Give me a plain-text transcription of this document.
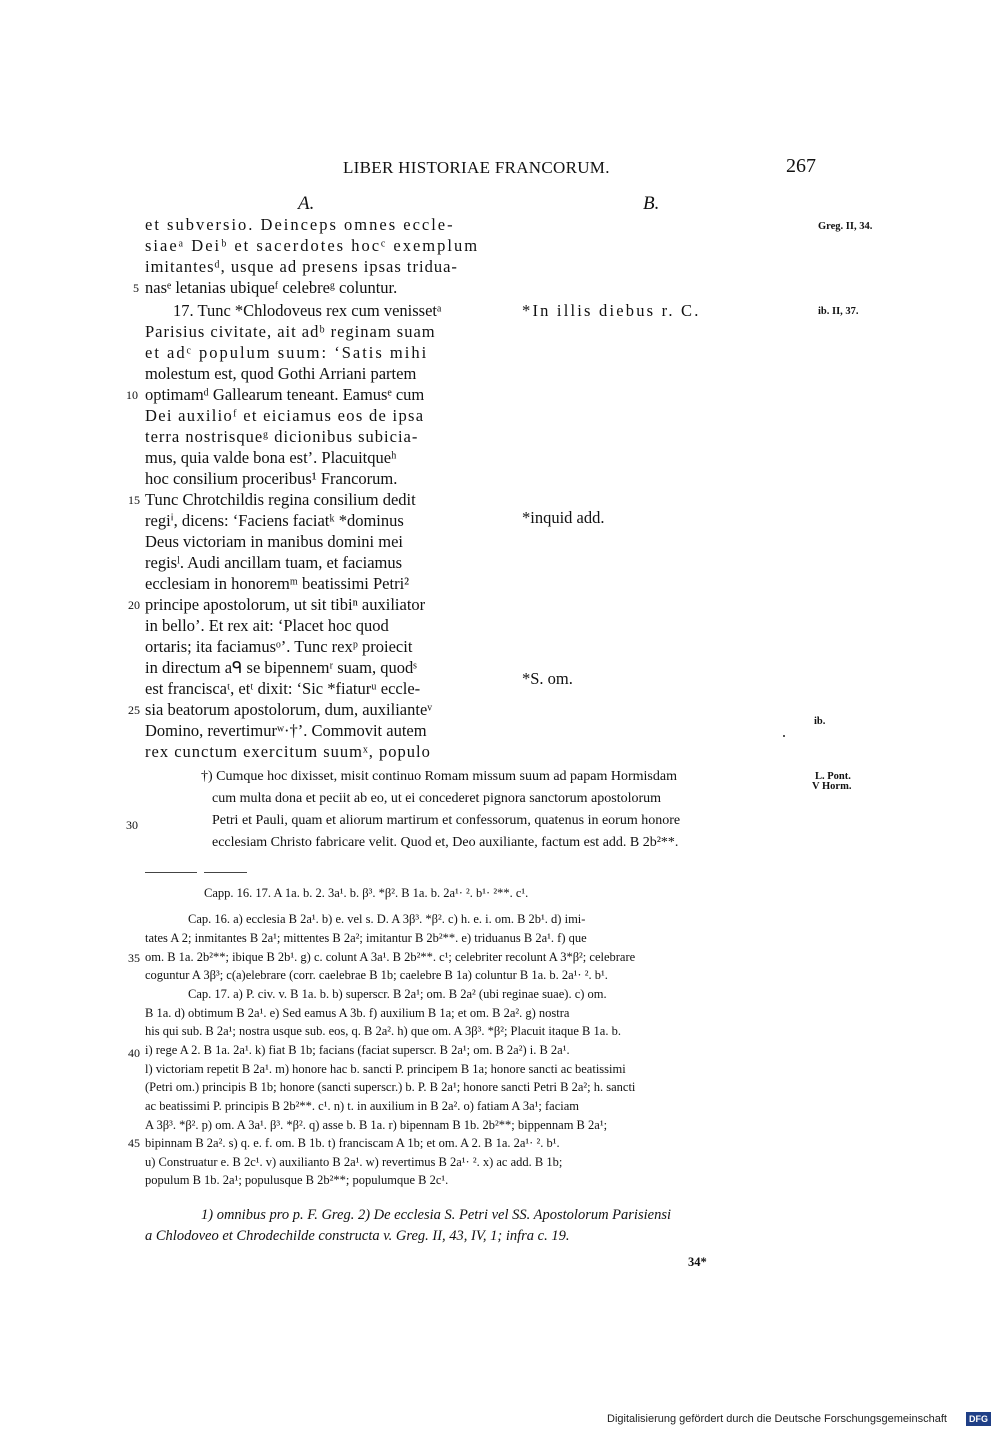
LIBER HISTORIAE FRANCORUM.	267
A.	B.
et subversio. Deinceps omnes eccle-
siaeᵃ Deiᵇ et sacerdotes hocᶜ exemplum
imitantesᵈ, usque ad presens ipsas tridua-
nasᵉ letanias ubiqueᶠ celebreᵍ coluntur.
17. Tunc *Chlodoveus rex cum venissetᵃ
Parisius civitate, ait adᵇ reginam suam
et adᶜ populum suum: ‘Satis mihi
molestum est, quod Gothi Arriani partem
optimamᵈ Gallearum teneant. Eamusᵉ cum
Dei auxilioᶠ et eiciamus eos de ipsa
terra nostrisqueᵍ dicionibus subicia-
mus, quia valde bona est’. Placuitqueʰ
hoc consilium proceribus¹ Francorum.
Tunc Chrotchildis regina consilium dedit
regiⁱ, dicens: ‘Faciens faciatᵏ *dominus
Deus victoriam in manibus domini mei
regisˡ. Audi ancillam tuam, et faciamus
ecclesiam in honoremᵐ beatissimi Petri²
principe apostolorum, ut sit tibiⁿ auxiliator
in bello’. Et rex ait: ‘Placet hoc quod
ortaris; ita faciamusᵒ’. Tunc rexᵖ proiecit
in directum aᑫ se bipennemʳ suam, quodˢ
est franciscaᵗ, etᵗ dixit: ‘Sic *fiaturᵘ eccle-
sia beatorum apostolorum, dum, auxilianteᵛ
Domino, revertimurʷ·†’. Commovit autem
rex cunctum exercitum suumˣ, populo
5
10
15
20
25
30
35
40
45
*In illis diebus r. C.
*inquid add.
*S. om.
Greg. II, 34.
ib. II, 37.
ib.
L. Pont.
V Horm.
†) Cumque hoc dixisset, misit continuo Romam missum suum ad papam Hormisdam
cum multa dona et peciit ab eo, ut ei concederet pignora sanctorum apostolorum
Petri et Pauli, quam et aliorum martirum et confessorum, quatenus in eorum honore
ecclesiam Christo fabricare velit. Quod et, Deo auxiliante, factum est add. B 2b²**.
Capp. 16. 17. A 1a. b. 2. 3a¹. b. β³. *β². B 1a. b. 2a¹· ². b¹· ²**. c¹.
Cap. 16. a) ecclesia B 2a¹. b) e. vel s. D. A 3β³. *β². c) h. e. i. om. B 2b¹. d) imi-
tates A 2; inmitantes B 2a¹; mittentes B 2a²; imitantur B 2b²**. e) triduanus B 2a¹. f) que
om. B 1a. 2b²**; ibique B 2b¹. g) c. colunt A 3a¹. B 2b²**. c¹; celebriter recolunt A 3*β²; celebrare
coguntur A 3β³; c(a)elebrare (corr. caelebrae B 1b; caelebre B 1a) coluntur B 1a. b. 2a¹· ². b¹.
Cap. 17. a) P. civ. v. B 1a. b. b) superscr. B 2a¹; om. B 2a² (ubi reginae suae). c) om.
B 1a. d) obtimum B 2a¹. e) Sed eamus A 3b. f) auxilium B 1a; et om. B 2a². g) nostra
his qui sub. B 2a¹; nostra usque sub. eos, q. B 2a². h) que om. A 3β³. *β²; Placuit itaque B 1a. b.
i) rege A 2. B 1a. 2a¹. k) fiat B 1b; facians (faciat superscr. B 2a¹; om. B 2a²) i. B 2a¹.
l) victoriam repetit B 2a¹. m) honore hac b. sancti P. principem B 1a; honore sancti ac beatissimi
(Petri om.) principis B 1b; honore (sancti superscr.) b. P. B 2a¹; honore sancti Petri B 2a²; h. sancti
ac beatissimi P. principis B 2b²**. c¹. n) t. in auxilium in B 2a². o) fatiam A 3a¹; faciam
A 3β³. *β². p) om. A 3a¹. β³. *β². q) asse b. B 1a. r) bipennam B 1b. 2b²**; bippennam B 2a¹;
bipinnam B 2a². s) q. e. f. om. B 1b. t) franciscam A 1b; et om. A 2. B 1a. 2a¹· ². b¹.
u) Construatur e. B 2c¹. v) auxilianto B 2a¹. w) revertimus B 2a¹· ². x) ac add. B 1b;
populum B 1b. 2a¹; populusque B 2b²**; populumque B 2c¹.
1) omnibus pro p. F. Greg. 2) De ecclesia S. Petri vel SS. Apostolorum Parisiensi
a Chlodoveo et Chrodechilde constructa v. Greg. II, 43, IV, 1; infra c. 19.
34*
Digitalisierung gefördert durch die Deutsche Forschungsgemeinschaft	DFG
